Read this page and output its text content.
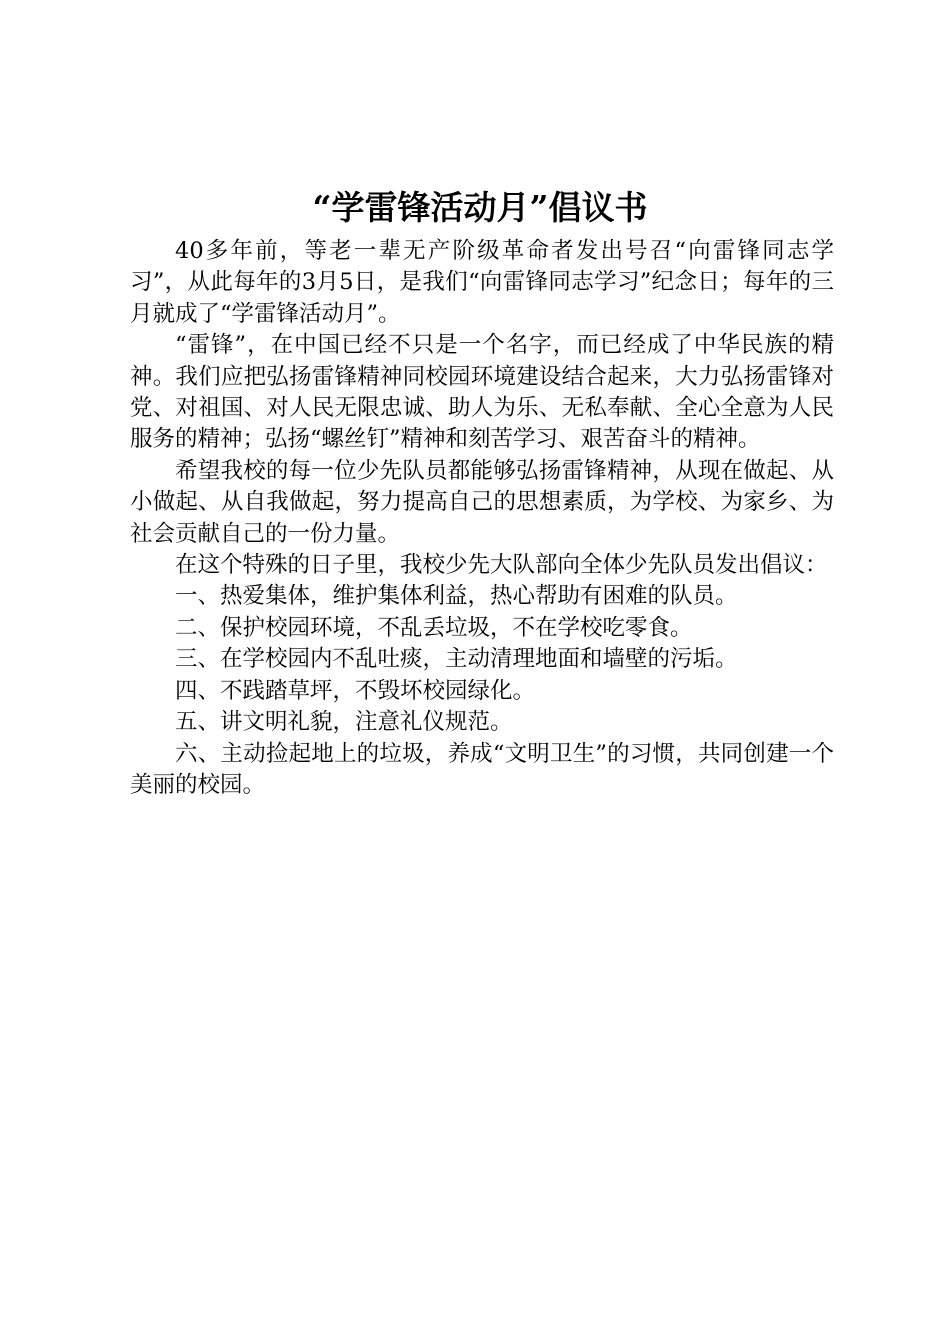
“学雷锋活动月”倡议书

40多年前，等老一辈无产阶级革命者发出号召“向雷锋同志学习”，从此每年的3月5日，是我们“向雷锋同志学习”纪念日；每年的三月就成了“学雷锋活动月”。

“雷锋”，在中国已经不只是一个名字，而已经成了中华民族的精神。我们应把弘扬雷锋精神同校园环境建设结合起来，大力弘扬雷锋对党、对祖国、对人民无限忠诚、助人为乐、无私奉献、全心全意为人民服务的精神；弘扬“螺丝钉”精神和刻苦学习、艰苦奋斗的精神。

希望我校的每一位少先队员都能够弘扬雷锋精神，从现在做起、从小做起、从自我做起，努力提高自己的思想素质，为学校、为家乡、为社会贡献自己的一份力量。

在这个特殊的日子里，我校少先大队部向全体少先队员发出倡议：

一、热爱集体，维护集体利益，热心帮助有困难的队员。

二、保护校园环境，不乱丢垃圾，不在学校吃零食。

三、在学校园内不乱吐痰，主动清理地面和墙壁的污垢。

四、不践踏草坪，不毁坏校园绿化。

五、讲文明礼貌，注意礼仪规范。

六、主动捡起地上的垃圾，养成“文明卫生”的习惯，共同创建一个美丽的校园。
